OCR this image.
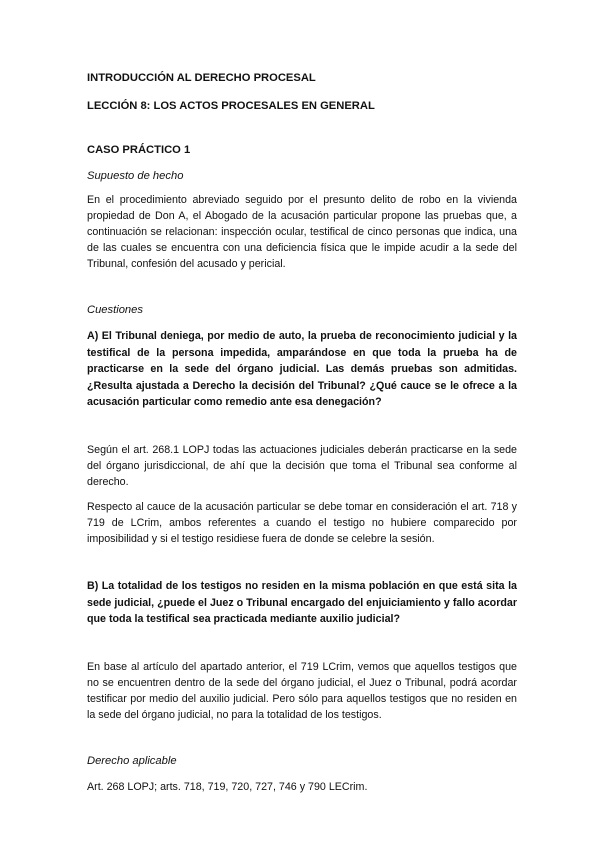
INTRODUCCIÓN AL DERECHO PROCESAL
LECCIÓN 8: LOS ACTOS PROCESALES EN GENERAL
CASO PRÁCTICO 1
Supuesto de hecho
En el procedimiento abreviado seguido por el presunto delito de robo en la vivienda propiedad de Don A, el Abogado de la acusación particular propone las pruebas que, a continuación se relacionan: inspección ocular, testifical de cinco personas que indica, una de las cuales se encuentra con una deficiencia física que le impide acudir a la sede del Tribunal, confesión del acusado y pericial.
Cuestiones
A) El Tribunal deniega, por medio de auto, la prueba de reconocimiento judicial y la testifical de la persona impedida, amparándose en que toda la prueba ha de practicarse en la sede del órgano judicial. Las demás pruebas son admitidas. ¿Resulta ajustada a Derecho la decisión del Tribunal? ¿Qué cauce se le ofrece a la acusación particular como remedio ante esa denegación?
Según el art. 268.1 LOPJ todas las actuaciones judiciales deberán practicarse en la sede del órgano jurisdiccional, de ahí que la decisión que toma el Tribunal sea conforme al derecho.
Respecto al cauce de la acusación particular se debe tomar en consideración el art. 718 y 719 de LCrim, ambos referentes a cuando el testigo no hubiere comparecido por imposibilidad y si el testigo residiese fuera de donde se celebre la sesión.
B) La totalidad de los testigos no residen en la misma población en que está sita la sede judicial, ¿puede el Juez o Tribunal encargado del enjuiciamiento y fallo acordar que toda la testifical sea practicada mediante auxilio judicial?
En base al artículo del apartado anterior, el 719 LCrim, vemos que aquellos testigos que no se encuentren dentro de la sede del órgano judicial, el Juez o Tribunal, podrá acordar testificar por medio del auxilio judicial. Pero sólo para aquellos testigos que no residen en la sede del órgano judicial, no para la totalidad de los testigos.
Derecho aplicable
Art. 268 LOPJ; arts. 718, 719, 720, 727, 746 y 790 LECrim.
